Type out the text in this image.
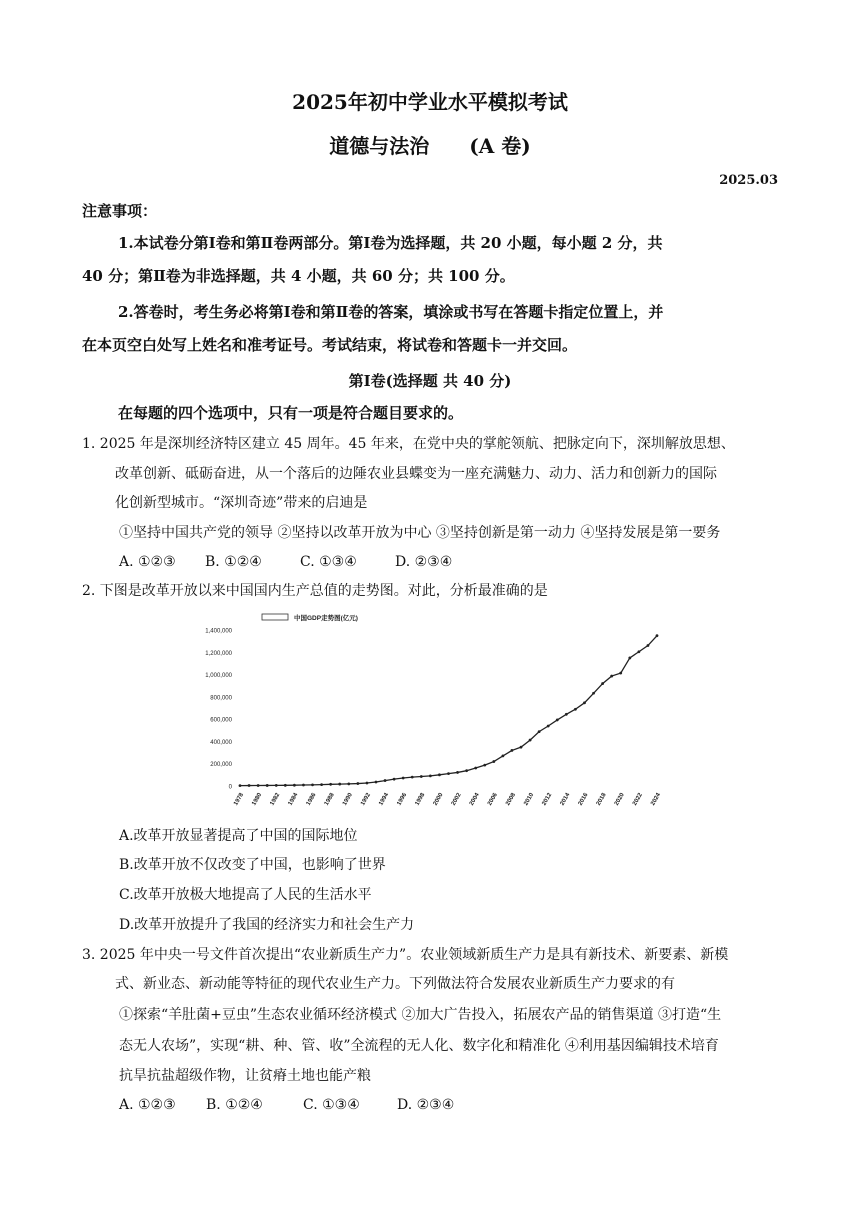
2025年初中学业水平模拟考试
道德与法治 (A 卷)
2025.03
注意事项：
1.本试卷分第Ⅰ卷和第Ⅱ卷两部分。第Ⅰ卷为选择题，共 20 小题，每小题 2 分，共
40 分；第Ⅱ卷为非选择题，共 4 小题，共 60 分；共 100 分。
2.答卷时，考生务必将第Ⅰ卷和第Ⅱ卷的答案，填涂或书写在答题卡指定位置上，并
在本页空白处写上姓名和准考证号。考试结束，将试卷和答题卡一并交回。
第Ⅰ卷(选择题 共 40 分)
在每题的四个选项中，只有一项是符合题目要求的。
1. 2025 年是深圳经济特区建立 45 周年。45 年来，在党中央的掌舵领航、把脉定向下，深圳解放思想、
改革创新、砥砺奋进，从一个落后的边陲农业县蝶变为一座充满魅力、动力、活力和创新力的国际
化创新型城市。“深圳奇迹”带来的启迪是
①坚持中国共产党的领导 ②坚持以改革开放为中心 ③坚持创新是第一动力 ④坚持发展是第一要务
A. ①②③ B. ①②④	C. ①③④	D. ②③④
2. 下图是改革开放以来中国国内生产总值的走势图。对此，分析最准确的是
0
200,000
400,000
600,000
800,000
1,000,000
1,200,000
1,400,000
1978 1980 1982 1984 1986 1988 1990 1992 1994 1996 1998 2000 2002 2004 2006 2008 2010 2012 2014 2016 2018 2020 2022 2024
中国GDP走势图(亿元)
A.改革开放显著提高了中国的国际地位
B.改革开放不仅改变了中国，也影响了世界
C.改革开放极大地提高了人民的生活水平
D.改革开放提升了我国的经济实力和社会生产力
3. 2025 年中央一号文件首次提出“农业新质生产力”。农业领域新质生产力是具有新技术、新要素、新模
式、新业态、新动能等特征的现代农业生产力。下列做法符合发展农业新质生产力要求的有
①探索“羊肚菌+豆虫”生态农业循环经济模式 ②加大广告投入，拓展农产品的销售渠道 ③打造“生
态无人农场”，实现“耕、种、管、收”全流程的无人化、数字化和精准化 ④利用基因编辑技术培育
抗旱抗盐超级作物，让贫瘠土地也能产粮
A. ①②③ B. ①②④	C. ①③④	D. ②③④
